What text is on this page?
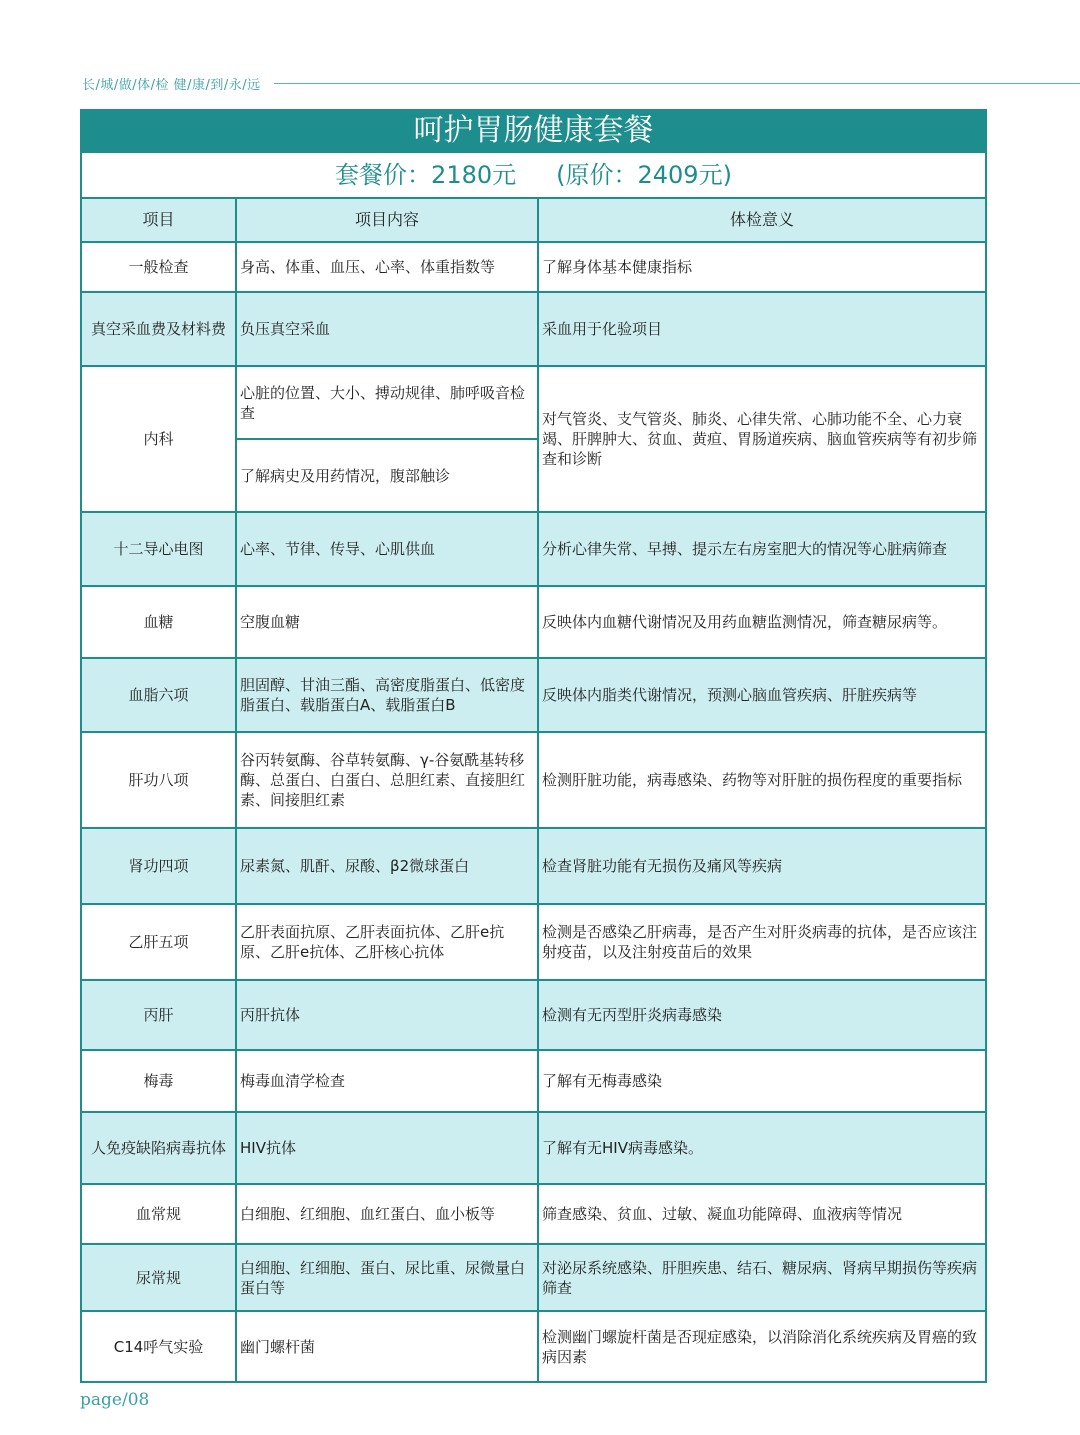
长/城/做/体/检 健/康/到/永/远
呵护胃肠健康套餐
套餐价：2180元 (原价：2409元)
项目	项目内容	体检意义
一般检查	身高、体重、血压、心率、体重指数等	了解身体基本健康指标
真空采血费及材料费	负压真空采血	采血用于化验项目
内科	心脏的位置、大小、搏动规律、肺呼吸音检查	对气管炎、支气管炎、肺炎、心律失常、心肺功能不全、心力衰竭、肝脾肿大、贫血、黄疸、胃肠道疾病、脑血管疾病等有初步筛查和诊断
	了解病史及用药情况，腹部触诊	
十二导心电图	心率、节律、传导、心肌供血	分析心律失常、早搏、提示左右房室肥大的情况等心脏病筛查
血糖	空腹血糖	反映体内血糖代谢情况及用药血糖监测情况，筛查糖尿病等。
血脂六项	胆固醇、甘油三酯、高密度脂蛋白、低密度脂蛋白、载脂蛋白A、载脂蛋白B	反映体内脂类代谢情况，预测心脑血管疾病、肝脏疾病等
肝功八项	谷丙转氨酶、谷草转氨酶、γ-谷氨酰基转移酶、总蛋白、白蛋白、总胆红素、直接胆红素、间接胆红素	检测肝脏功能，病毒感染、药物等对肝脏的损伤程度的重要指标
肾功四项	尿素氮、肌酐、尿酸、β2微球蛋白	检查肾脏功能有无损伤及痛风等疾病
乙肝五项	乙肝表面抗原、乙肝表面抗体、乙肝e抗原、乙肝e抗体、乙肝核心抗体	检测是否感染乙肝病毒，是否产生对肝炎病毒的抗体，是否应该注射疫苗，以及注射疫苗后的效果
丙肝	丙肝抗体	检测有无丙型肝炎病毒感染
梅毒	梅毒血清学检查	了解有无梅毒感染
人免疫缺陷病毒抗体	HIV抗体	了解有无HIV病毒感染。
血常规	白细胞、红细胞、血红蛋白、血小板等	筛查感染、贫血、过敏、凝血功能障碍、血液病等情况
尿常规	白细胞、红细胞、蛋白、尿比重、尿微量白蛋白等	对泌尿系统感染、肝胆疾患、结石、糖尿病、肾病早期损伤等疾病筛查
C14呼气实验	幽门螺杆菌	检测幽门螺旋杆菌是否现症感染，以消除消化系统疾病及胃癌的致病因素
page/08
